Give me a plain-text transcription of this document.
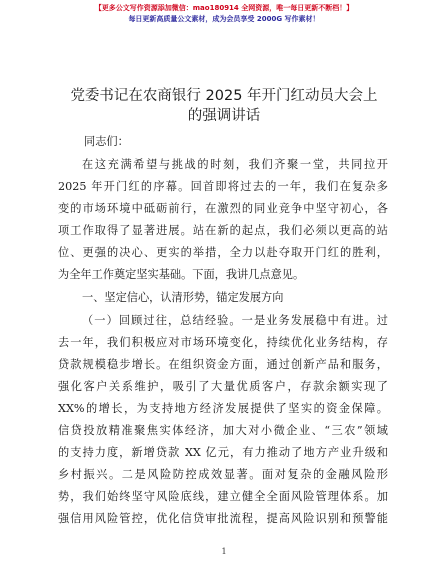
【更多公文写作资源添加微信：mao180914 全网资源，唯一每日更新不断档！】
每日更新高质量公文素材，成为会员享受 2000G 写作素材！
党委书记在农商银行 2025 年开门红动员大会上
的强调讲话
同志们：
在这充满希望与挑战的时刻，我们齐聚一堂，共同拉开
2025 年开门红的序幕。回首即将过去的一年，我们在复杂多
变的市场环境中砥砺前行，在激烈的同业竞争中坚守初心，各
项工作取得了显著进展。站在新的起点，我们必须以更高的站
位、更强的决心、更实的举措，全力以赴夺取开门红的胜利，
为全年工作奠定坚实基础。下面，我讲几点意见。
一、坚定信心，认清形势，锚定发展方向
（一）回顾过往，总结经验。一是业务发展稳中有进。过
去一年，我们积极应对市场环境变化，持续优化业务结构，存
贷款规模稳步增长。在组织资金方面，通过创新产品和服务，
强化客户关系维护，吸引了大量优质客户，存款余额实现了
XX%的增长，为支持地方经济发展提供了坚实的资金保障。
信贷投放精准聚焦实体经济，加大对小微企业、“三农”领域
的支持力度，新增贷款 XX 亿元，有力推动了地方产业升级和
乡村振兴。二是风险防控成效显著。面对复杂的金融风险形
势，我们始终坚守风险底线，建立健全全面风险管理体系。加
强信用风险管控，优化信贷审批流程，提高风险识别和预警能
1
